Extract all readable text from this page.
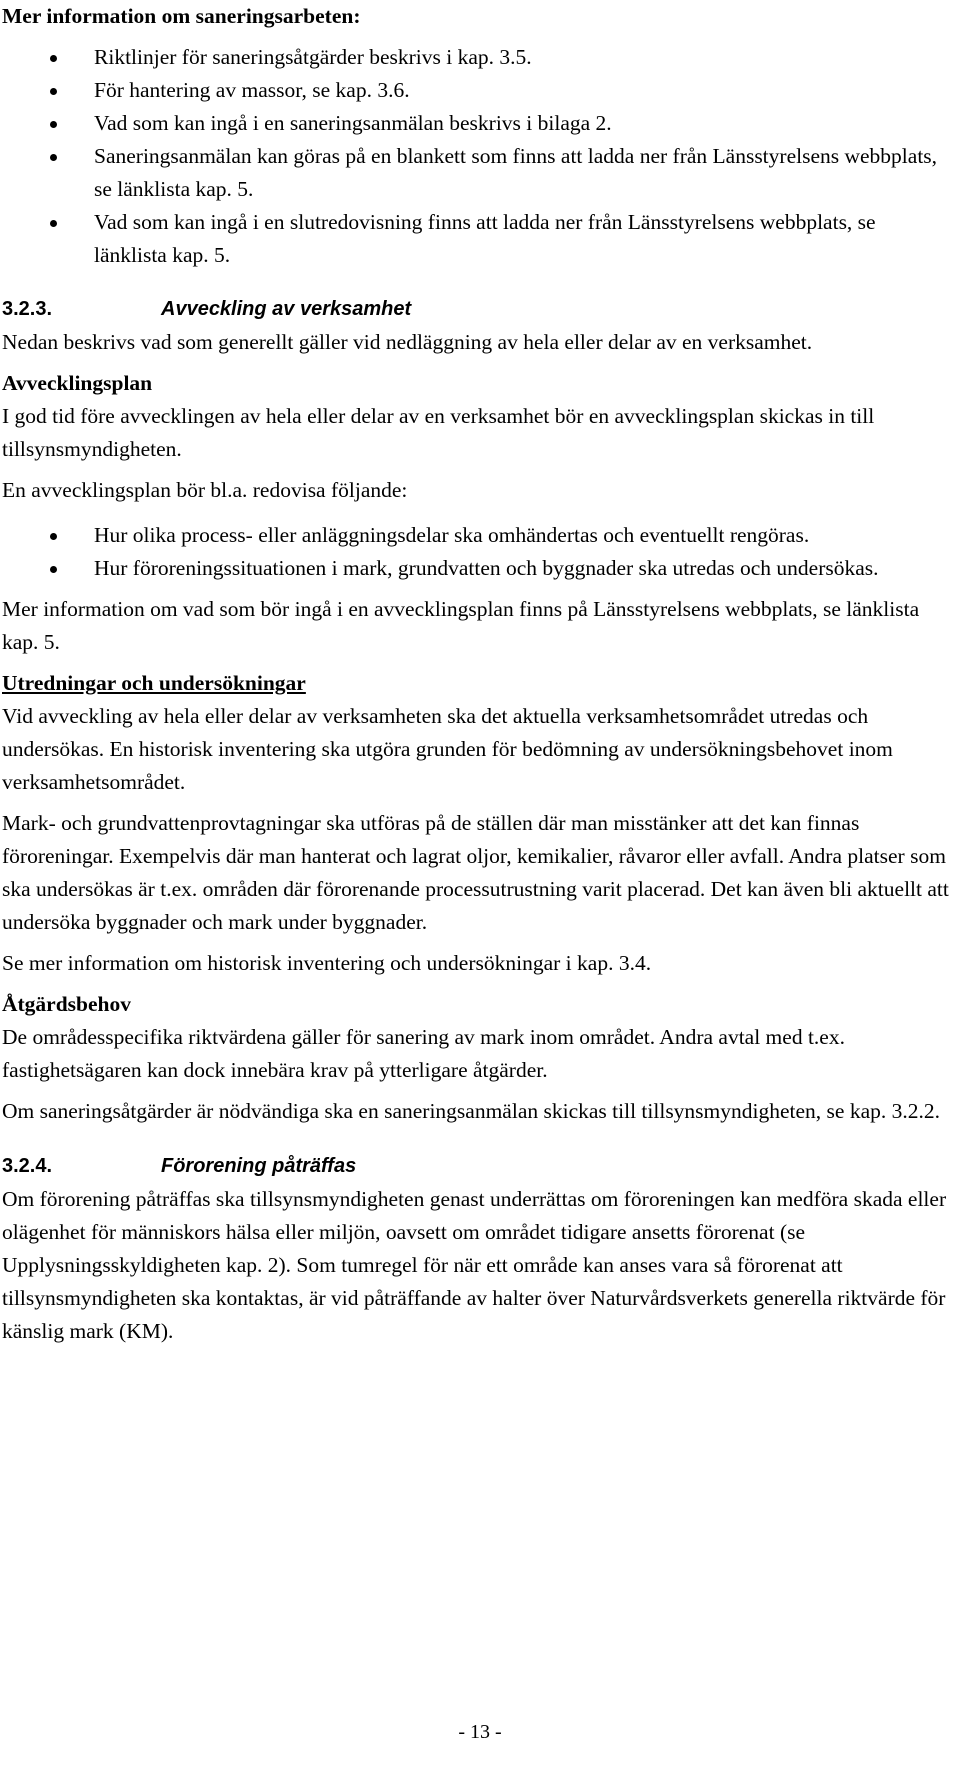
Mer information om saneringsarbeten:
Riktlinjer för saneringsåtgärder beskrivs i kap. 3.5.
För hantering av massor, se kap. 3.6.
Vad som kan ingå i en saneringsanmälan beskrivs i bilaga 2.
Saneringsanmälan kan göras på en blankett som finns att ladda ner från Länsstyrelsens webbplats, se länklista kap. 5.
Vad som kan ingå i en slutredovisning finns att ladda ner från Länsstyrelsens webbplats, se länklista kap. 5.
3.2.3.	Avveckling av verksamhet

Nedan beskrivs vad som generellt gäller vid nedläggning av hela eller delar av en verksamhet.

Avvecklingsplan

I god tid före avvecklingen av hela eller delar av en verksamhet bör en avvecklingsplan skickas in till tillsynsmyndigheten.

En avvecklingsplan bör bl.a. redovisa följande:

Hur olika process- eller anläggningsdelar ska omhändertas och eventuellt rengöras.
Hur föroreningssituationen i mark, grundvatten och byggnader ska utredas och undersökas.

Mer information om vad som bör ingå i en avvecklingsplan finns på Länsstyrelsens webbplats, se länklista kap. 5.

Utredningar och undersökningar

Vid avveckling av hela eller delar av verksamheten ska det aktuella verksamhetsområdet utredas och undersökas. En historisk inventering ska utgöra grunden för bedömning av undersökningsbehovet inom verksamhetsområdet.

Mark- och grundvattenprovtagningar ska utföras på de ställen där man misstänker att det kan finnas föroreningar. Exempelvis där man hanterat och lagrat oljor, kemikalier, råvaror eller avfall. Andra platser som ska undersökas är t.ex. områden där förorenande processutrustning varit placerad. Det kan även bli aktuellt att undersöka byggnader och mark under byggnader.

Se mer information om historisk inventering och undersökningar i kap. 3.4.

Åtgärdsbehov

De områdesspecifika riktvärdena gäller för sanering av mark inom området. Andra avtal med t.ex. fastighetsägaren kan dock innebära krav på ytterligare åtgärder.

Om saneringsåtgärder är nödvändiga ska en saneringsanmälan skickas till tillsynsmyndigheten, se kap. 3.2.2.

3.2.4.	Förorening påträffas

Om förorening påträffas ska tillsynsmyndigheten genast underrättas om föroreningen kan medföra skada eller olägenhet för människors hälsa eller miljön, oavsett om området tidigare ansetts förorenat (se Upplysningsskyldigheten kap. 2). Som tumregel för när ett område kan anses vara så förorenat att tillsynsmyndigheten ska kontaktas, är vid påträffande av halter över Naturvårdsverkets generella riktvärde för känslig mark (KM).

- 13 -
